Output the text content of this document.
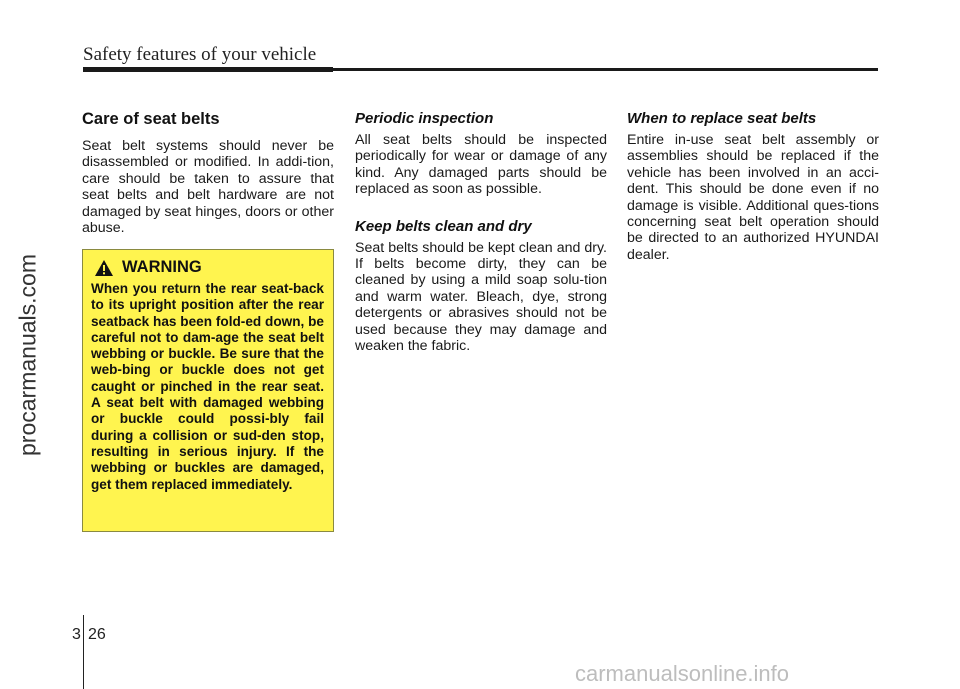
Safety features of your vehicle
Care of seat belts

Seat belt systems should never be disassembled or modified. In addi-tion, care should be taken to assure that seat belts and belt hardware are not damaged by seat hinges, doors or other abuse.

WARNING

When you return the rear seat-back to its upright position after the rear seatback has been fold-ed down, be careful not to dam-age the seat belt webbing or buckle. Be sure that the web-bing or buckle does not get caught or pinched in the rear seat. A seat belt with damaged webbing or buckle could possi-bly fail during a collision or sud-den stop, resulting in serious injury. If the webbing or buckles are damaged, get them replaced immediately.

Periodic inspection

All seat belts should be inspected periodically for wear or damage of any kind. Any damaged parts should be replaced as soon as possible.

Keep belts clean and dry

Seat belts should be kept clean and dry. If belts become dirty, they can be cleaned by using a mild soap solu-tion and warm water. Bleach, dye, strong detergents or abrasives should not be used because they may damage and weaken the fabric.

When to replace seat belts

Entire in-use seat belt assembly or assemblies should be replaced if the vehicle has been involved in an acci-dent. This should be done even if no damage is visible. Additional ques-tions concerning seat belt operation should be directed to an authorized HYUNDAI dealer.

procarmanuals.com
3 26
carmanualsonline.info
